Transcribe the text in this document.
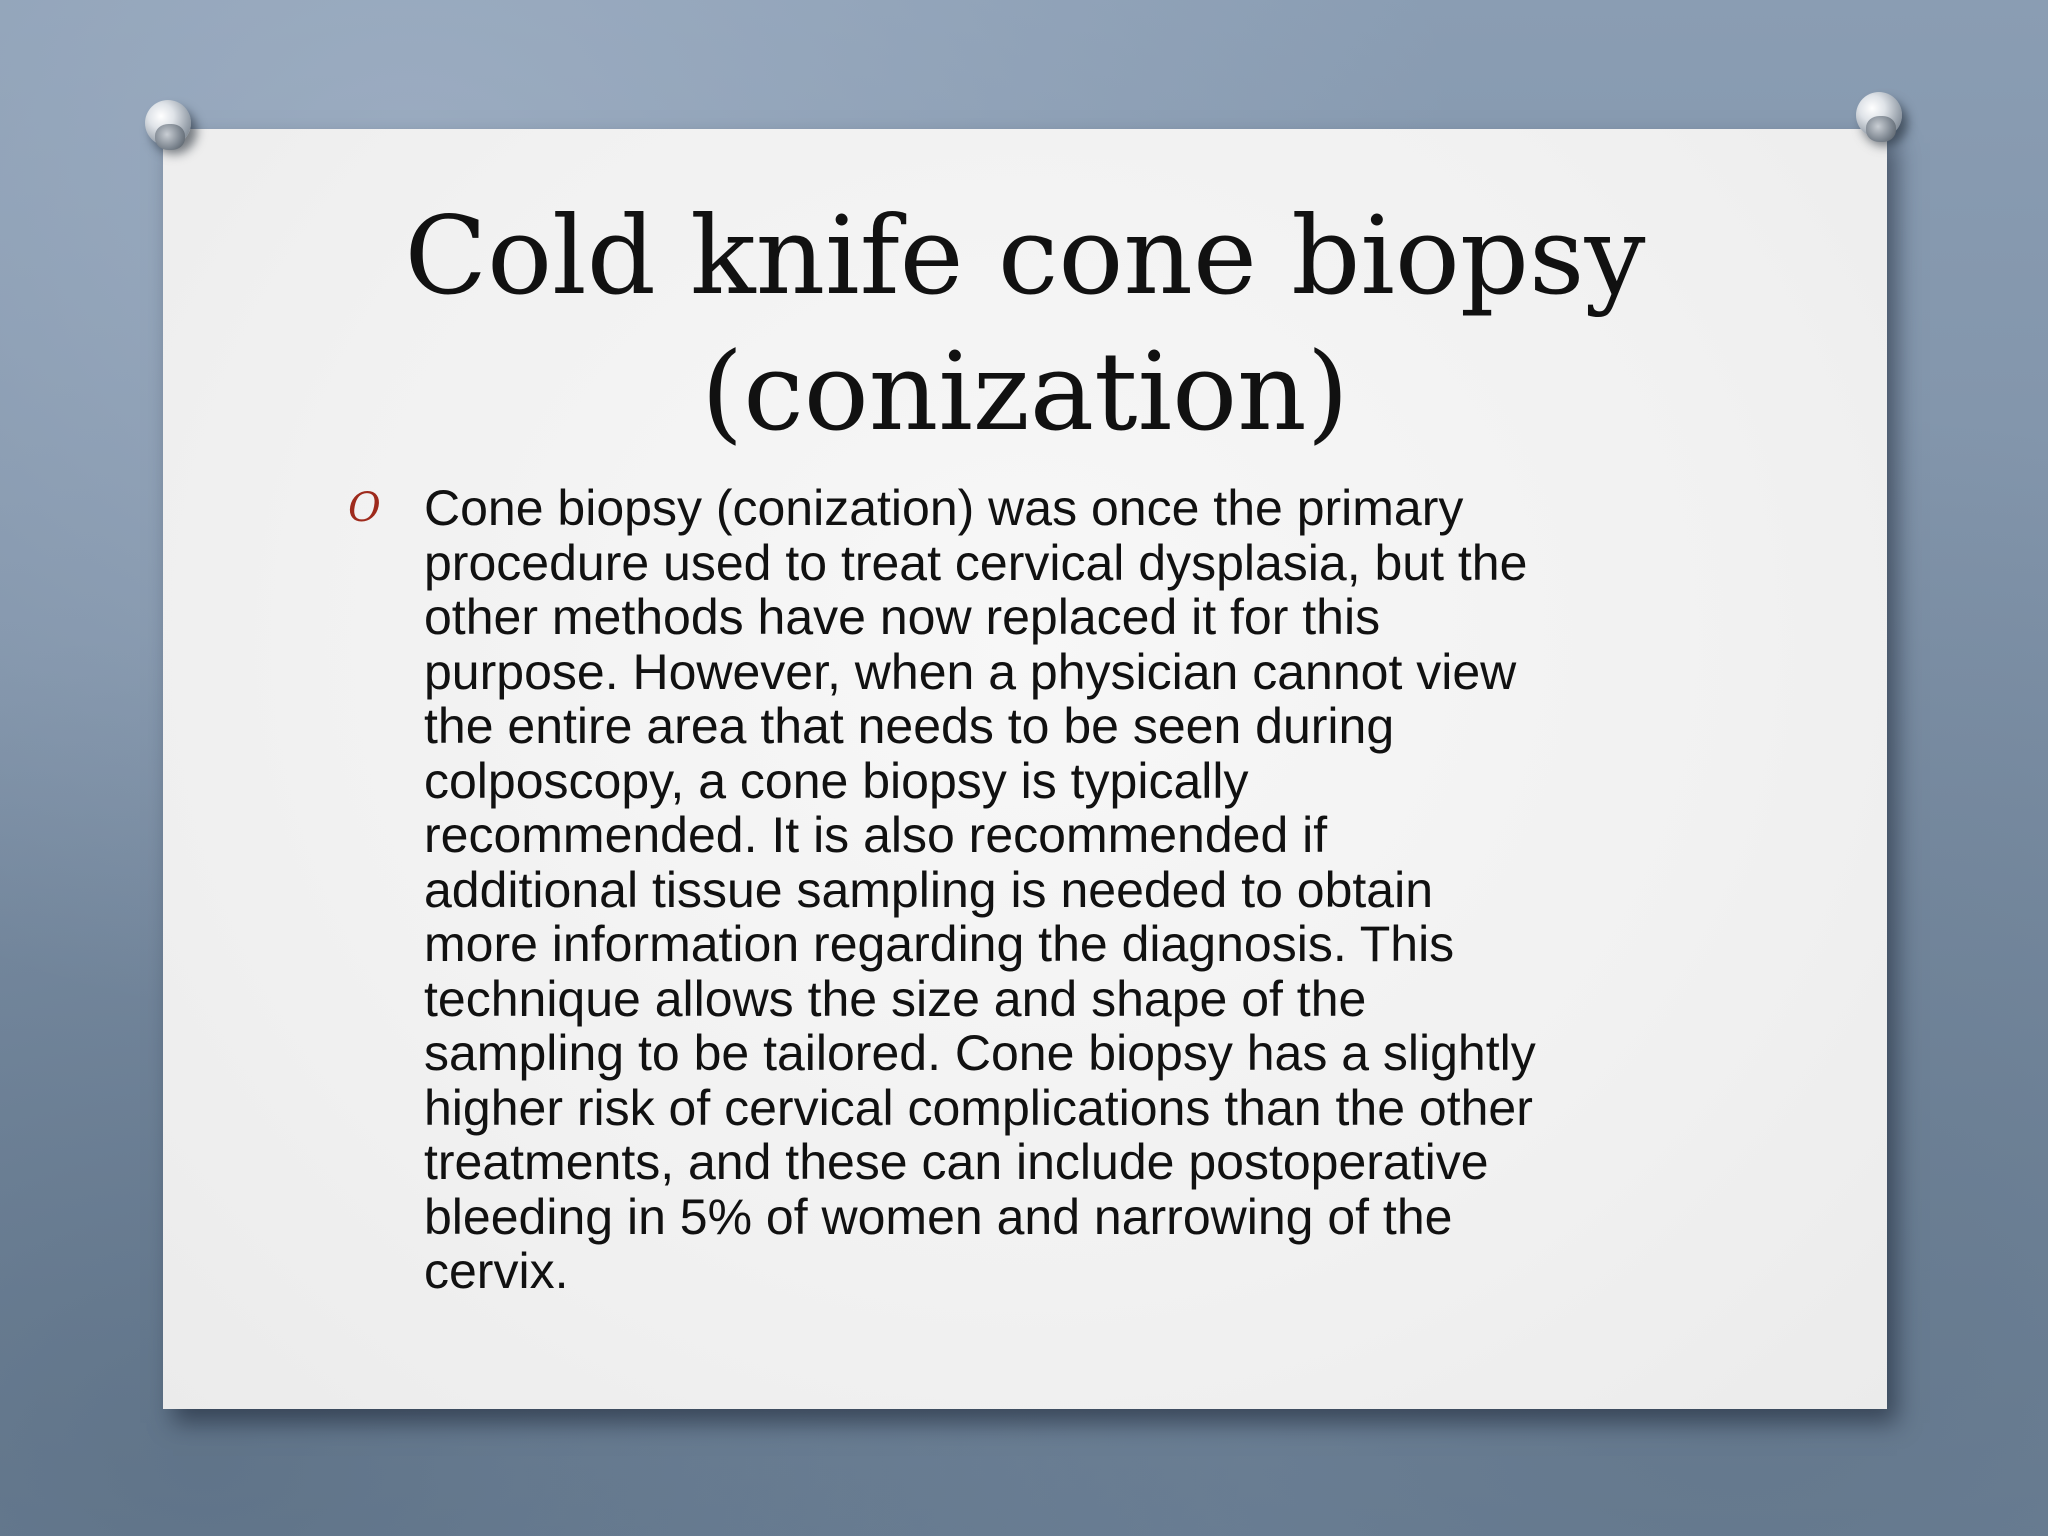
Cold knife cone biopsy
(conization)
O Cone biopsy (conization) was once the primary
procedure used to treat cervical dysplasia, but the
other methods have now replaced it for this
purpose. However, when a physician cannot view
the entire area that needs to be seen during
colposcopy, a cone biopsy is typically
recommended. It is also recommended if
additional tissue sampling is needed to obtain
more information regarding the diagnosis. This
technique allows the size and shape of the
sampling to be tailored. Cone biopsy has a slightly
higher risk of cervical complications than the other
treatments, and these can include postoperative
bleeding in 5% of women and narrowing of the
cervix.
